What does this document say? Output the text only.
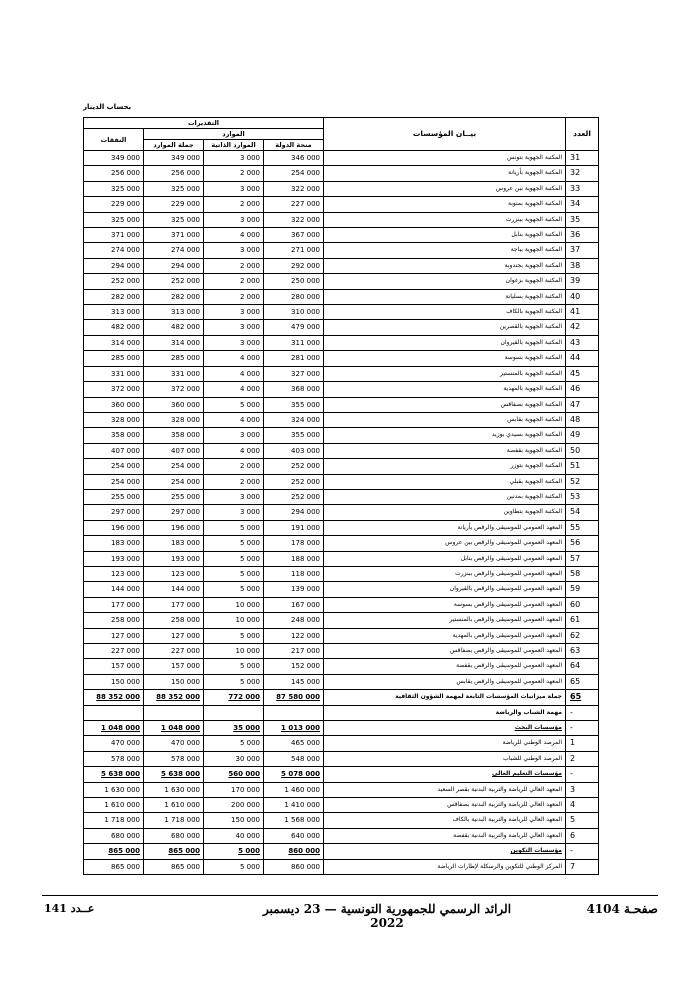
بحساب الدينار
التقديرات				بيــان المؤسسات	العدد
النفقات	الموارد				
	جملة الموارد	الموارد الذاتية	منحة الدولة		
349 000	349 000	3 000	346 000	المكتبة الجهوية بتونس	31
256 000	256 000	2 000	254 000	المكتبة الجهوية بأريانة	32
325 000	325 000	3 000	322 000	المكتبة الجهوية ببن عروس	33
229 000	229 000	2 000	227 000	المكتبة الجهوية بمنوبة	34
325 000	325 000	3 000	322 000	المكتبة الجهوية ببنزرت	35
371 000	371 000	4 000	367 000	المكتبة الجهوية بنابل	36
274 000	274 000	3 000	271 000	المكتبة الجهوية بباجة	37
294 000	294 000	2 000	292 000	المكتبة الجهوية بجندوبة	38
252 000	252 000	2 000	250 000	المكتبة الجهوية بزغوان	39
282 000	282 000	2 000	280 000	المكتبة الجهوية بسليانة	40
313 000	313 000	3 000	310 000	المكتبة الجهوية بالكاف	41
482 000	482 000	3 000	479 000	المكتبة الجهوية بالقصرين	42
314 000	314 000	3 000	311 000	المكتبة الجهوية بالقيروان	43
285 000	285 000	4 000	281 000	المكتبة الجهوية بسوسة	44
331 000	331 000	4 000	327 000	المكتبة الجهوية بالمنستير	45
372 000	372 000	4 000	368 000	المكتبة الجهوية بالمهدية	46
360 000	360 000	5 000	355 000	المكتبة الجهوية بصفاقس	47
328 000	328 000	4 000	324 000	المكتبة الجهوية بقابس	48
358 000	358 000	3 000	355 000	المكتبة الجهوية بسيدي بوزيد	49
407 000	407 000	4 000	403 000	المكتبة الجهوية بقفصة	50
254 000	254 000	2 000	252 000	المكتبة الجهوية بتوزر	51
254 000	254 000	2 000	252 000	المكتبة الجهوية بقبلي	52
255 000	255 000	3 000	252 000	المكتبة الجهوية بمدنين	53
297 000	297 000	3 000	294 000	المكتبة الجهوية بتطاوين	54
196 000	196 000	5 000	191 000	المعهد العمومي للموسيقى والرقص بأريانة	55
183 000	183 000	5 000	178 000	المعهد العمومي للموسيقى والرقص ببن عروس	56
193 000	193 000	5 000	188 000	المعهد العمومي للموسيقى والرقص بنابل	57
123 000	123 000	5 000	118 000	المعهد العمومي للموسيقى والرقص ببنزرت	58
144 000	144 000	5 000	139 000	المعهد العمومي للموسيقى والرقص بالقيروان	59
177 000	177 000	10 000	167 000	المعهد العمومي للموسيقى والرقص بسوسة	60
258 000	258 000	10 000	248 000	المعهد العمومي للموسيقى والرقص بالمنستير	61
127 000	127 000	5 000	122 000	المعهد العمومي للموسيقى والرقص بالمهدية	62
227 000	227 000	10 000	217 000	المعهد العمومي للموسيقى والرقص بصفاقس	63
157 000	157 000	5 000	152 000	المعهد العمومي للموسيقى والرقص بقفصة	64
150 000	150 000	5 000	145 000	المعهد العمومي للموسيقى والرقص بقابس	65
88 352 000	88 352 000	772 000	87 580 000	جملة ميزانيات المؤسسات التابعة لمهمة الشؤون الثقافية	65
				مهمة الشباب والرياضة	-
1 048 000	1 048 000	35 000	1 013 000	مؤسسات البحث	-
470 000	470 000	5 000	465 000	المرصد الوطني للرياضة	1
578 000	578 000	30 000	548 000	المرصد الوطني للشباب	2
5 638 000	5 638 000	560 000	5 078 000	مؤسسات التعليم العالي	-
1 630 000	1 630 000	170 000	1 460 000	المعهد العالي للرياضة والتربية البدنية بقصر السعيد	3
1 610 000	1 610 000	200 000	1 410 000	المعهد العالي للرياضة والتربية البدنية بصفاقس	4
1 718 000	1 718 000	150 000	1 568 000	المعهد العالي للرياضة والتربية البدنية بالكاف	5
680 000	680 000	40 000	640 000	المعهد العالي للرياضة والتربية البدنية بقفصة	6
865 000	865 000	5 000	860 000	مؤسسات التكوين	-
865 000	865 000	5 000	860 000	المركز الوطني للتكوين والرسكلة لإطارات الرياضة	7
عــدد 141	الرائد الرسمي للجمهورية التونسية — 23 ديسمبر 2022
صفحـة 4104
